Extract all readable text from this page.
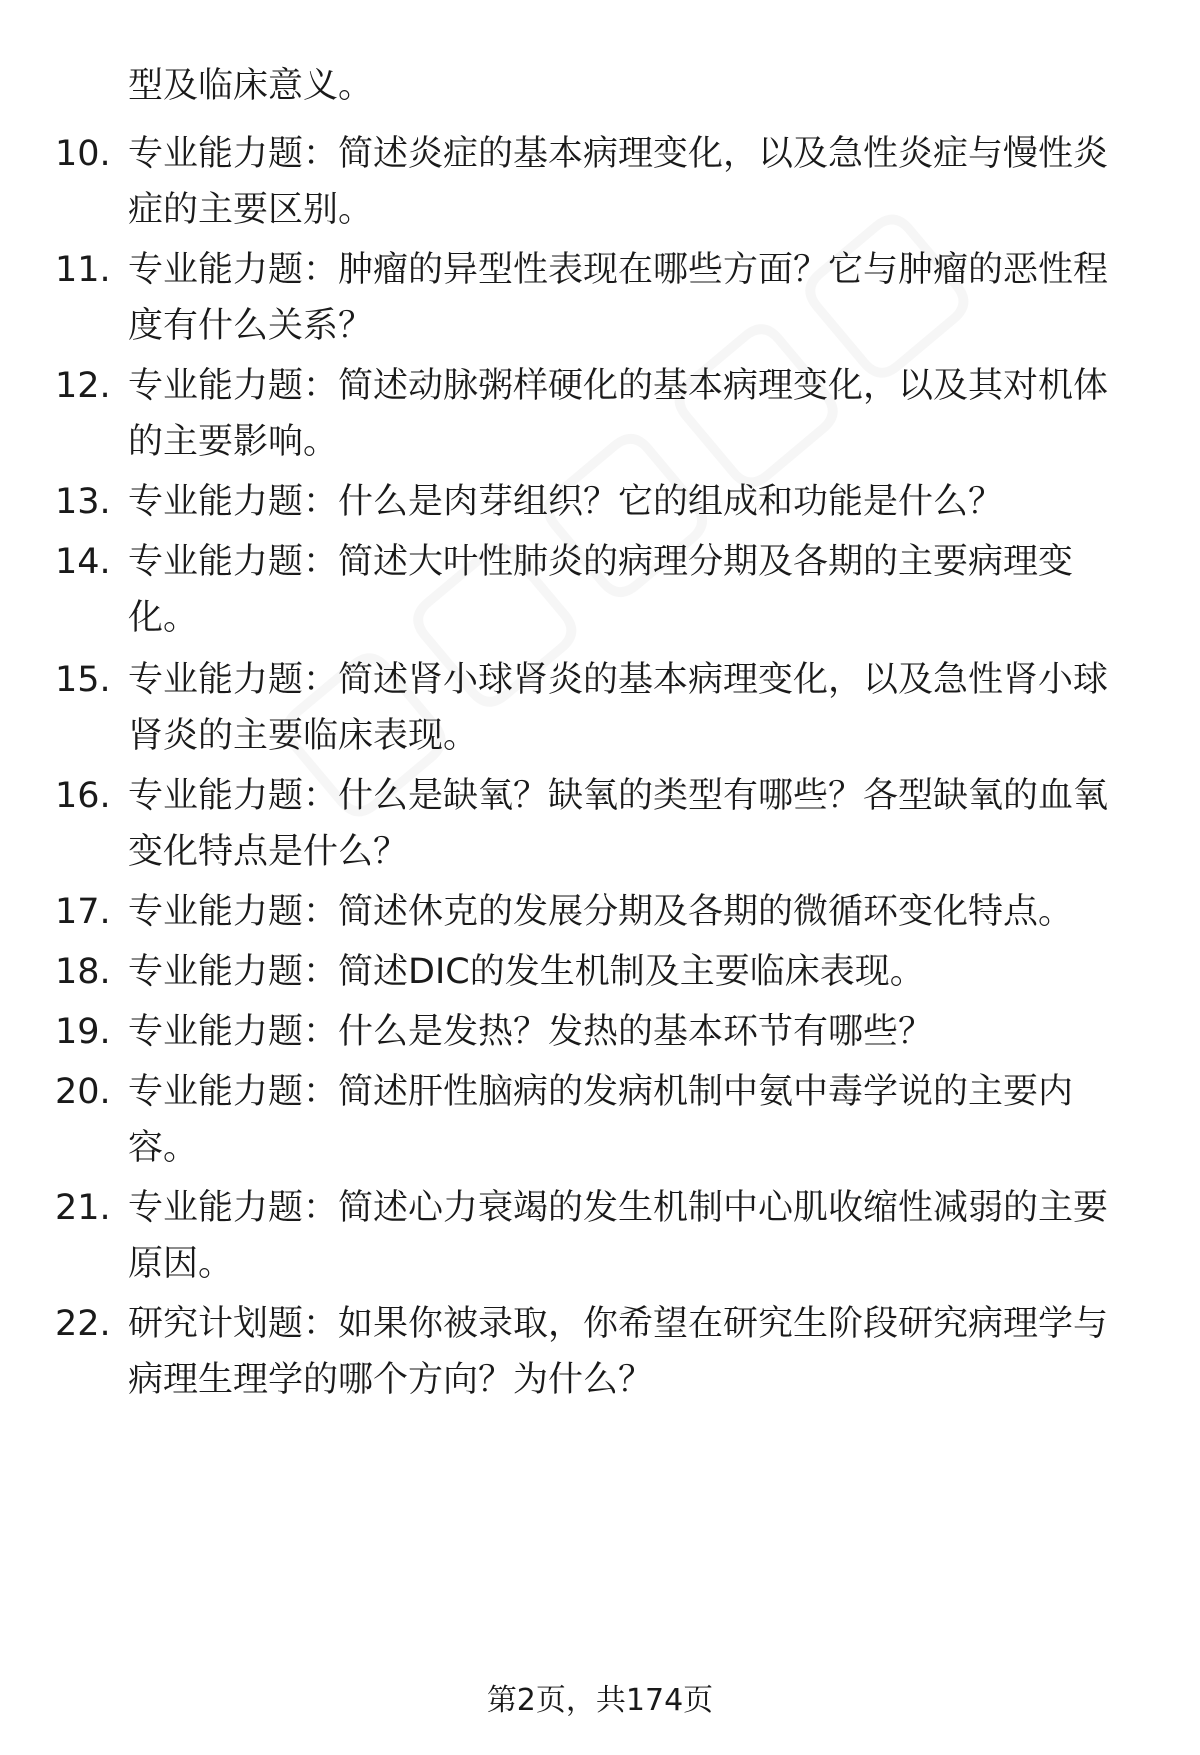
型及临床意义。
10. 专业能力题：简述炎症的基本病理变化，以及急性炎症与慢性炎症的主要区别。
11. 专业能力题：肿瘤的异型性表现在哪些方面？它与肿瘤的恶性程度有什么关系？
12. 专业能力题：简述动脉粥样硬化的基本病理变化，以及其对机体的主要影响。
13. 专业能力题：什么是肉芽组织？它的组成和功能是什么？
14. 专业能力题：简述大叶性肺炎的病理分期及各期的主要病理变化。
15. 专业能力题：简述肾小球肾炎的基本病理变化，以及急性肾小球肾炎的主要临床表现。
16. 专业能力题：什么是缺氧？缺氧的类型有哪些？各型缺氧的血氧变化特点是什么？
17. 专业能力题：简述休克的发展分期及各期的微循环变化特点。
18. 专业能力题：简述DIC的发生机制及主要临床表现。
19. 专业能力题：什么是发热？发热的基本环节有哪些？
20. 专业能力题：简述肝性脑病的发病机制中氨中毒学说的主要内容。
21. 专业能力题：简述心力衰竭的发生机制中心肌收缩性减弱的主要原因。
22. 研究计划题：如果你被录取，你希望在研究生阶段研究病理学与病理生理学的哪个方向？为什么？
第2页，共174页
